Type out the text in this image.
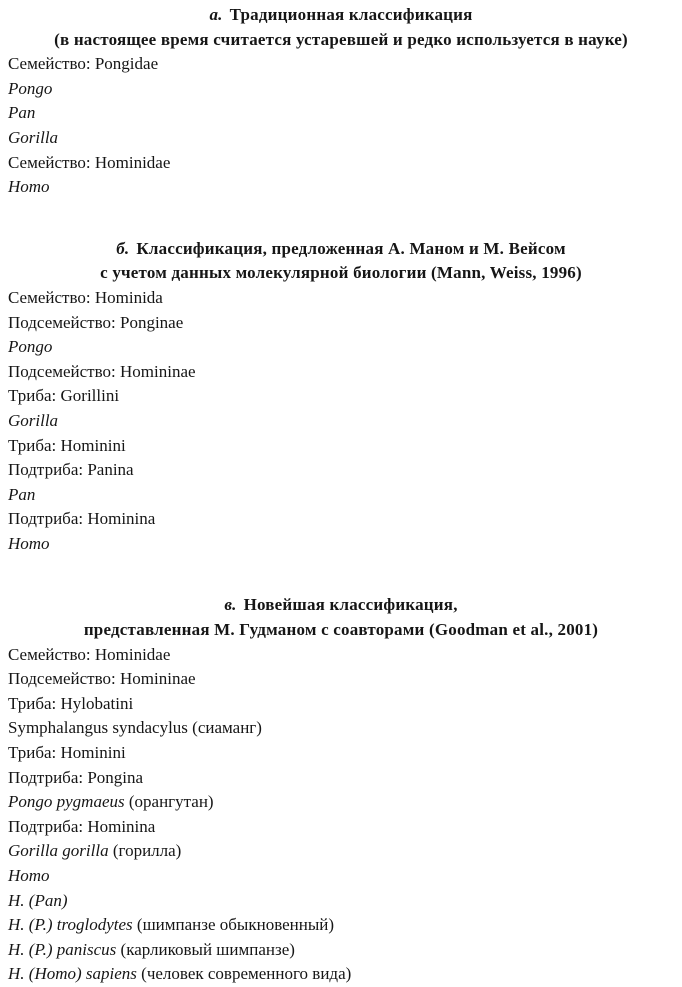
а. Традиционная классификация

(в настоящее время считается устаревшей и редко используется в науке)

Семейство: Pongidae

Pongo

Pan

Gorilla

Семейство: Hominidae

Homo

б. Классификация, предложенная А. Маном и М. Вейсом

с учетом данных молекулярной биологии (Mann, Weiss, 1996)

Семейство: Hominida

Подсемейство: Ponginae

Pongo

Подсемейство: Homininae

Триба: Gorillini

Gorilla

Триба: Hominini

Подтриба: Panina

Pan

Подтриба: Hominina

Homo

в. Новейшая классификация,

представленная М. Гудманом с соавторами (Goodman et al., 2001)

Семейство: Hominidae

Подсемейство: Homininae

Триба: Hylobatini

Symphalangus syndacylus (сиаманг)

Триба: Hominini

Подтриба: Pongina

Pongo pygmaeus (орангутан)

Подтриба: Hominina

Gorilla gorilla (горилла)

Homo

H. (Pan)

H. (P.) troglodytes (шимпанзе обыкновенный)

H. (P.) paniscus (карликовый шимпанзе)

H. (Homo) sapiens (человек современного вида)
